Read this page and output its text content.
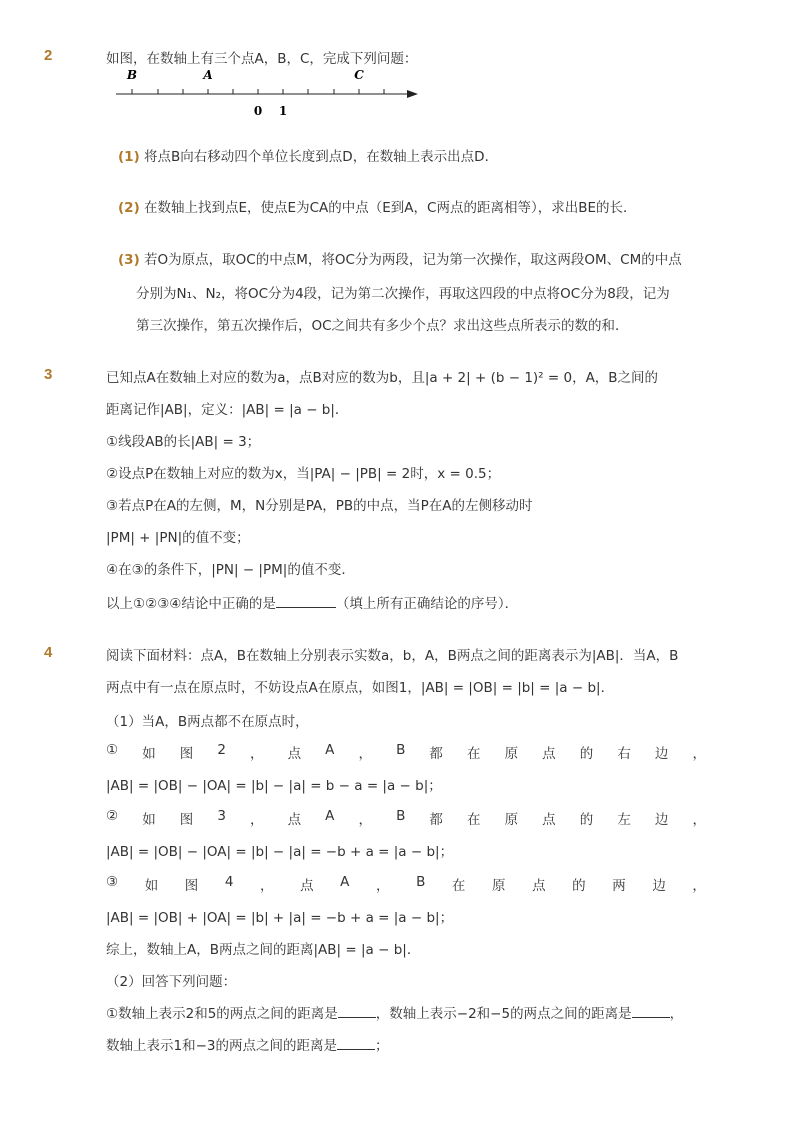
2	如图，在数轴上有三个点A，B，C，完成下列问题：
B	A	C
0 1
(1) 将点B向右移动四个单位长度到点D，在数轴上表示出点D．
(2) 在数轴上找到点E，使点E为CA的中点（E到A，C两点的距离相等），求出BE的长．
(3) 若O为原点，取OC的中点M，将OC分为两段，记为第一次操作，取这两段OM、CM的中点
分别为N₁、N₂，将OC分为4段，记为第二次操作，再取这四段的中点将OC分为8段，记为
第三次操作，第五次操作后，OC之间共有多少个点？求出这些点所表示的数的和．
3	已知点A在数轴上对应的数为a，点B对应的数为b，且|a + 2| + (b − 1)² = 0，A，B之间的
距离记作|AB|，定义：|AB| = |a − b|．
①线段AB的长|AB| = 3；
②设点P在数轴上对应的数为x，当|PA| − |PB| = 2时，x = 0.5；
③若点P在A的左侧，M，N分别是PA，PB的中点，当P在A的左侧移动时
|PM| + |PN|的值不变；
④在③的条件下，|PN| − |PM|的值不变．
以上①②③④结论中正确的是	（填上所有正确结论的序号）．
4	阅读下面材料：点A，B在数轴上分别表示实数a，b，A，B两点之间的距离表示为|AB|．当A，B
两点中有一点在原点时，不妨设点A在原点，如图1，|AB| = |OB| = |b| = |a − b|．
（1）当A，B两点都不在原点时，
① 如 图 2 ， 点 A ， B 都 在 原 点 的 右 边 ，
|AB| = |OB| − |OA| = |b| − |a| = b − a = |a − b|；
② 如 图 3 ， 点 A ， B 都 在 原 点 的 左 边 ，
|AB| = |OB| − |OA| = |b| − |a| = −b + a = |a − b|；
③ 如 图 4 ， 点 A ， B 在 原 点 的 两 边 ，
|AB| = |OB| + |OA| = |b| + |a| = −b + a = |a − b|；
综上，数轴上A，B两点之间的距离|AB| = |a − b|．
（2）回答下列问题：
①数轴上表示2和5的两点之间的距离是	，数轴上表示−2和−5的两点之间的距离是	，
数轴上表示1和−3的两点之间的距离是	；
